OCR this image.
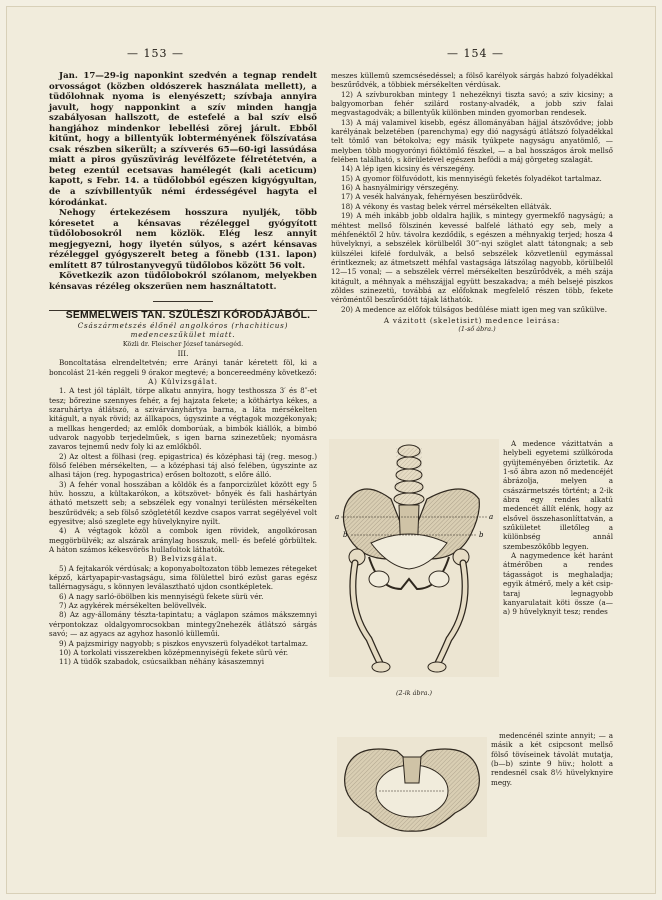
— 153 —	— 154 —

Jan. 17—29-ig naponkint szedvén a tegnap rendelt orvosságot (közben oldószerek használata mellett), a tüdőlohnak nyoma is elenyészett; szívbaja annyira javult, hogy napponkint a szív minden hangja szabályosan hallszott, de estefelé a bal szív első hangjához mindenkor lebellési zörej járult. Ebből kitűnt, hogy a billentyűk lobterményének fölszívatása csak részben sikerült; a szívverés 65—60-igi lassúdása miatt a piros gyűszűvirág levélfőzete félretétetvén, a beteg ezentúl ecetsavas hamélegét (kali aceticum) kapott, s Febr. 14. a tüdőlobból egészen kigyógyultan, de a szívbillentyűk némi érdességével hagyta el kórodánkat.

Nehogy értekezésem hosszura nyuljék, több kóresetet a kénsavas rézéleggel gyógyított tüdőlobosokról nem közlök. Elég lesz annyit megjegyezni, hogy ilyetén súlyos, s azért kénsavas rézéleggel gyógyszerelt beteg a fönebb (131. lapon) említett 87 túlrostanyvegyű tüdőlobos között 56 volt.

Következik azon tüdőlobokról szólanom, melyekben kénsavas rézéleg okszerüen nem használtatott.

SEMMELWEIS TAN. SZÜLÉSZI KÓRODÁJÁBÓL.

Császármetszés élőnél angolkóros (rhachiticus) medenceszűkület miatt.

Közli dr. Fleischer József tanársegéd.

III.

Boncoltatása elrendeltetvén; erre Arányi tanár kéretett föl, ki a boncolást 21-kén reggeli 9 órakor megtevé; a boncereedmény következő:

A) Külvizsgálat.

1. A test jól táplált, törpe alkatu annyira, hogy testhossza 3′ és 8″-et tesz; bőrezine szennyes fehér, a fej hajzata fekete; a köthártya kékes, a szaruhártya átlátszó, a szivárványhártya barna, a láta mérsékelten kitágult, a nyak rövid; az állkapocs, úgyszinte a végtagok mozgékonyak; a mellkas hengerded; az emlők domborúak, a bimbók kiállók, a bimbó udvarok nagyobb terjedelműek, s igen barna szinezetűek; nyomásra zavaros tejnemű nedv foly ki az emlőkből.

2) Az oltest a fölhasi (reg. epigastrica) és középhasi táj (reg. mesog.) fölső felében mérsékelten, — a középhasi táj alsó felében, úgyszinte az alhasi tájon (reg. hypogastrica) erősen boltozott, s előre álló.

3) A fehér vonal hosszában a köldök és a fanporcizület között egy 5 hüv. hosszu, a kültakarókon, a kötszövet- bőnyék és fali hashártyán átható metszett seb; a sebszélek egy vonalnyi terülésten mérsékelten beszűrödvék; a seb fölső szögletétől kezdve csapos varrat segélyével volt egyesitve; alsó szeglete egy hüvelyknyire nyilt.

4) A végtagok közöl a combok igen rövidek, angolkórosan meggörbülvék; az alszárak aránylag hosszuk, mell- és befelé görbültek. A háton számos kékesvörös hullafoltok láthatók.

B) Belvizsgálat.

5) A fejtakarók vérdúsak; a koponyaboltozaton több lemezes rétegeket képző, kártyapapir-vastagságu, sima fölülettel biró ezüst garas egész tallérnagyságu, s könnyen leválasztható ujdon csontképletek.

6) A nagy sarló-öbölben kis mennyiségü fekete sürü vér.

7) Az agykérek mérsékelten belövellvék.

8) Az agy-állomány tészta-tapintatu; a váglapon számos mákszemnyi vérpontokzaz oldalgyomrocsokban mintegy2nehezék átlátszó sárgás savó; — az agyacs az agyhoz hasonló külleműi.

9) A pajzsmirigy nagyobb; s piszkos enyvszerü folyadékot tartalmaz.

10) A torkolati visszerekben középmennyiségü fekete sürü vér.

11) A tüdők szabadok, csúcsaikban néhány kásaszemnyi

meszes küllemü szemcsésedéssel; a fölső karélyok sárgás habzó folyadékkal beszűrődvék, a többiek mérsékelten vérdúsak.

12) A szívburokban mintegy 1 nehezéknyi tiszta savó; a sziv kicsiny; a balgyomorban fehér szilárd rostany-alvadék, a jobb sziv falai megvastagodvák; a billentyűk különben minden gyomorban rendesek.

13) A máj valamivel kisebb, egész állományában hájjal átszövődve; jobb karélyának belzetében (parenchyma) egy dió nagyságú átlátszó folyadékkal telt tömlő van bétokolva; egy másik tyúkpete nagyságu anyatömlő, — melyben több mogyorónyi fióktömlő fészkel, — a bal hosszágos árok mellső felében található, s körületével egészen befödi a máj görgeteg szalagát.

14) A lép igen kicsiny és vérszegény.

15) A gyomor fölfuvódott, kis mennyiségü feketés folyadékot tartalmaz.

16) A hasnyálmirigy vérszegény.

17) A vesék halványak, fehérnyésen beszürődvék.

18) A vékony és vastag belek vérrel mérsékelten ellátvák.

19) A méh inkább jobb oldalra hajlik, s mintegy gyermekfő nagyságú; a méhtest mellső fölszinén kevessé balfelé látható egy seb, mely a méhfenéktől 2 hüv. távolra kezdődik, s egészen a méhnyakig terjed; hosza 4 hüvelyknyi, a sebszélek körülbelől 30‴-nyi szöglet alatt tátongnak; a seb külszélei kifelé fordulvák, a belső sebszélek közvetlenül egymással érintkeznek; az átmetszett méhfal vastagsága látszólag nagyobb, körülbelől 12—15 vonal; — a sebszélek vérrel mérsékelten beszűrődvék, a méh szája kitágult, a méhnyak a méhszájjal együtt beszakadva; a méh belsejé piszkos zöldes szinezetü, továbbá az előfoknak megfelelő részen több, fekete véröméntől beszűrődött tájak láthatók.

20) A medence az előfok túlságos bedülése miatt igen meg van szűkülve.

A vázitott (skeletisirt) medence leirása:

(1-ső ábra.)

a	a
b	b

A medence vázittatván a helybeli egyetemi szülkóroda gyüjteményében őriztetik. Az 1-ső ábra azon nő medencéjét ábrázolja, melyen a császármetszés történt; a 2-ik ábra egy rendes alkatú medencét állít elénk, hogy az elsővel összehasonlíttatván, a szűkületet illetőleg a különbség annál szembeszökőbb legyen.

A nagymedence két haránt átmérőben a rendes tágasságot is meghaladja; egyik átmérő, mely a két csip-taraj legnagyobb kanyarulatait köti össze (a—a) 9 hüvelyknyit tesz; rendes

(2-ik ábra.)

medencénél szinte annyit; — a másik a két csipcsont mellső fölső tövíseinek távolát mutatja, (b—b) szinte 9 hüv.; holott a rendesnél csak 8½ hüvelyknyire megy.
